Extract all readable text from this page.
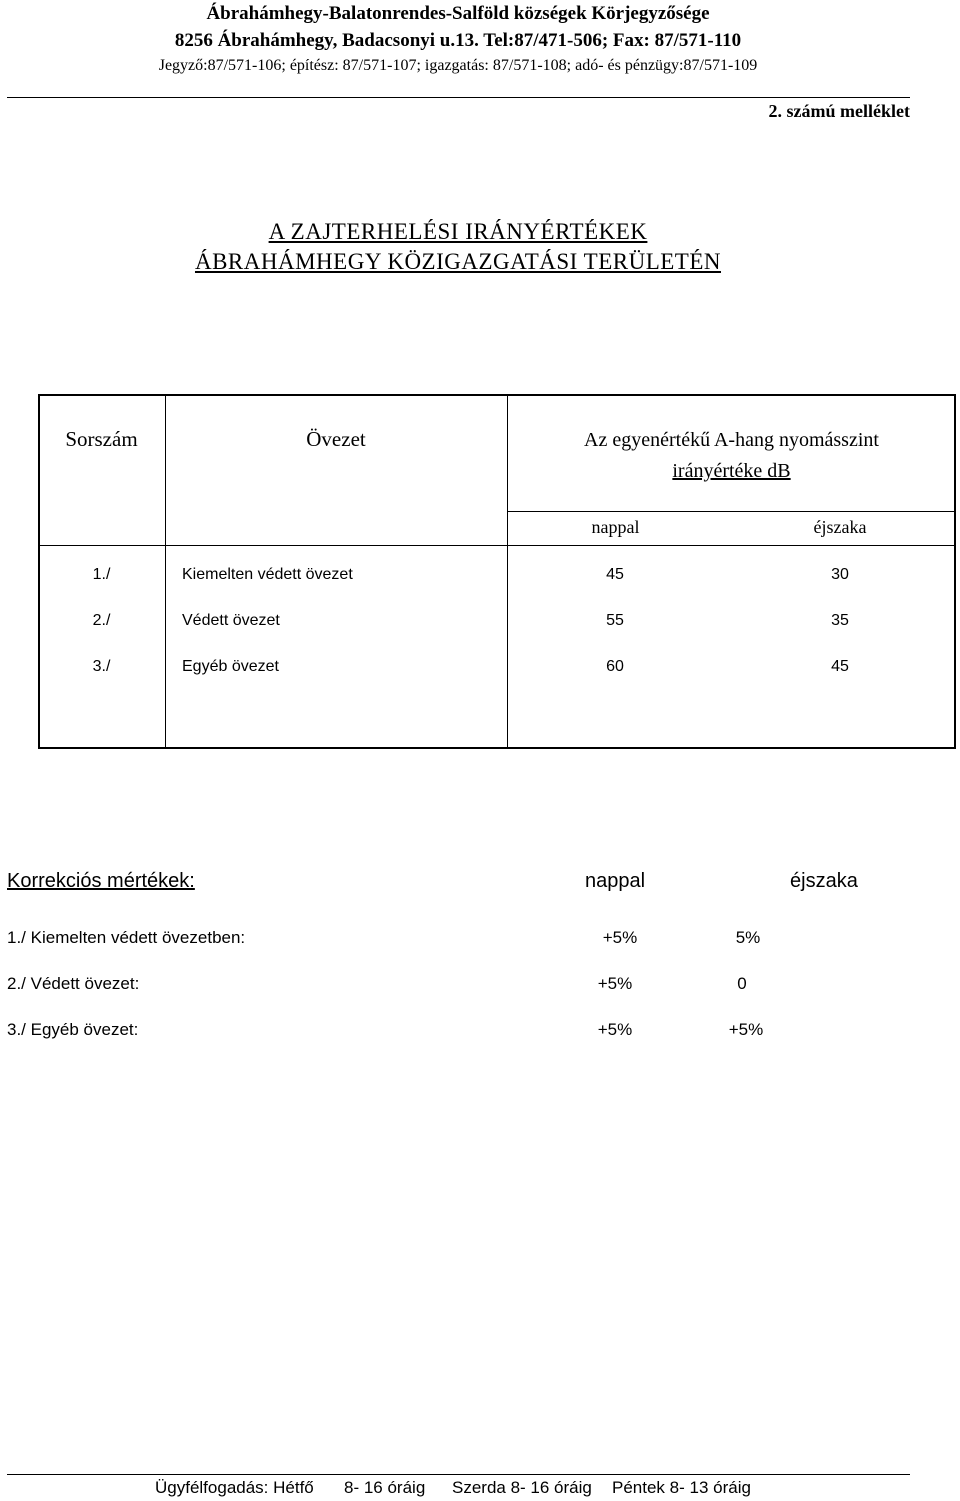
Ábrahámhegy-Balatonrendes-Salföld községek Körjegyzősége
8256 Ábrahámhegy, Badacsonyi u.13. Tel:87/471-506; Fax: 87/571-110
Jegyző:87/571-106; építész: 87/571-107; igazgatás: 87/571-108; adó- és pénzügy:87/571-109
2. számú melléklet
A ZAJTERHELÉSI IRÁNYÉRTÉKEK
ÁBRAHÁMHEGY KÖZIGAZGATÁSI TERÜLETÉN
Sorszám	Övezet	Az egyenértékű A-hang nyomásszint
irányértéke dB
nappal	éjszaka
1./	Kiemelten védett övezet	45	30
2./	Védett övezet	55	35
3./	Egyéb övezet	60	45
Korrekciós mértékek:	nappal	éjszaka
1./ Kiemelten védett övezetben:	+5%	5%
2./ Védett övezet:	+5%	0
3./ Egyéb övezet:	+5%	+5%
Ügyfélfogadás: Hétfő 8- 16 óráig Szerda 8- 16 óráig Péntek 8- 13 óráig
